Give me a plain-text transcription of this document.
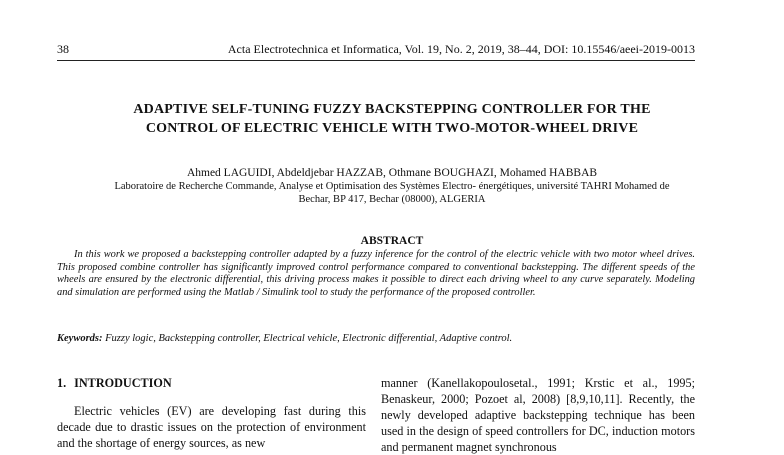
38	Acta Electrotechnica et Informatica, Vol. 19, No. 2, 2019, 38–44, DOI: 10.15546/aeei-2019-0013
ADAPTIVE SELF-TUNING FUZZY BACKSTEPPING CONTROLLER FOR THE
CONTROL OF ELECTRIC VEHICLE WITH TWO-MOTOR-WHEEL DRIVE
Ahmed LAGUIDI, Abdeldjebar HAZZAB, Othmane BOUGHAZI, Mohamed HABBAB
Laboratoire de Recherche Commande, Analyse et Optimisation des Systèmes Electro- énergétiques, université TAHRI Mohamed de
Bechar, BP 417, Bechar (08000), ALGERIA
ABSTRACT
In this work we proposed a backstepping controller adapted by a fuzzy inference for the control of the electric vehicle with two motor wheel drives. This proposed combine controller has significantly improved control performance compared to conventional backstepping. The different speeds of the wheels are ensured by the electronic differential, this driving process makes it possible to direct each driving wheel to any curve separately. Modeling and simulation are performed using the Matlab / Simulink tool to study the performance of the proposed controller.
Keywords: Fuzzy logic, Backstepping controller, Electrical vehicle, Electronic differential, Adaptive control.
1. INTRODUCTION
Electric vehicles (EV) are developing fast during this decade due to drastic issues on the protection of environment and the shortage of energy sources, as new
manner (Kanellakopoulosetal., 1991; Krstic et al., 1995; Benaskeur, 2000; Pozoet al, 2008) [8,9,10,11]. Recently, the newly developed adaptive backstepping technique has been used in the design of speed controllers for DC, induction motors and permanent magnet synchronous
